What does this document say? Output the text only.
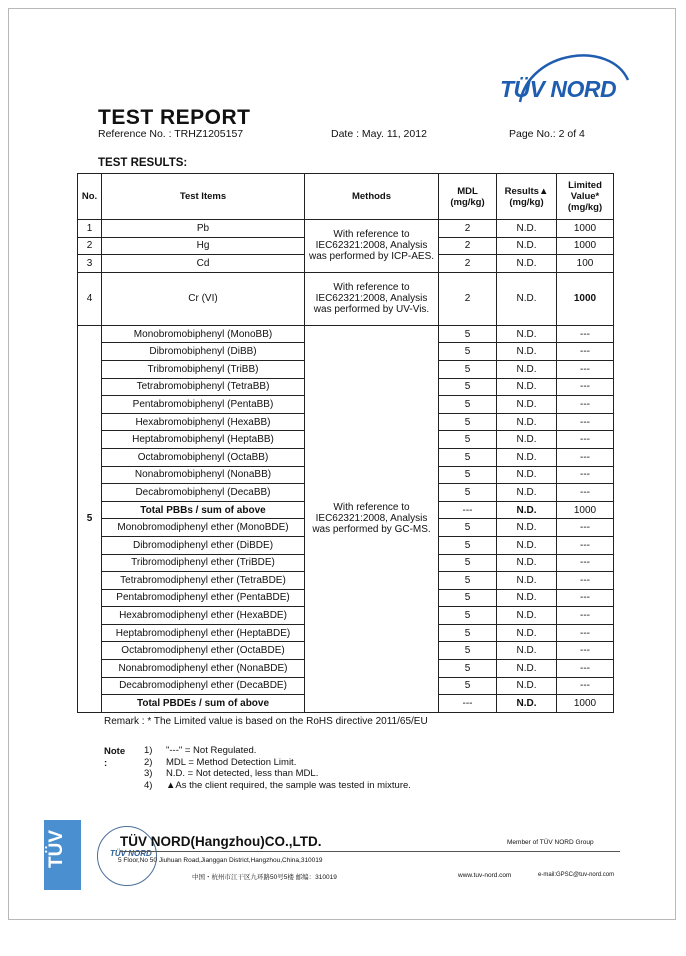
TÜV NORD
TEST REPORT
Reference No. : TRHZ1205157	Date : May. 11, 2012	Page No.: 2 of 4
TEST RESULTS:
No.	Test Items	Methods	MDL (mg/kg)	Results▲ (mg/kg)	Limited Value* (mg/kg)
1	Pb	With reference to IEC62321:2008, Analysis was performed by ICP-AES.	2	N.D.	1000
2	Hg		2	N.D.	1000
3	Cd		2	N.D.	100
4	Cr (VI)	With reference to IEC62321:2008, Analysis was performed by UV-Vis.	2	N.D.	1000
5	Monobromobiphenyl (MonoBB)	With reference to IEC62321:2008, Analysis was performed by GC-MS.	5	N.D.	---
	Dibromobiphenyl (DiBB)		5	N.D.	---
	Tribromobiphenyl (TriBB)		5	N.D.	---
	Tetrabromobiphenyl (TetraBB)		5	N.D.	---
	Pentabromobiphenyl (PentaBB)		5	N.D.	---
	Hexabromobiphenyl (HexaBB)		5	N.D.	---
	Heptabromobiphenyl (HeptaBB)		5	N.D.	---
	Octabromobiphenyl (OctaBB)		5	N.D.	---
	Nonabromobiphenyl (NonaBB)		5	N.D.	---
	Decabromobiphenyl (DecaBB)		5	N.D.	---
	Total PBBs / sum of above		---	N.D.	1000
	Monobromodiphenyl ether (MonoBDE)		5	N.D.	---
	Dibromodiphenyl ether (DiBDE)		5	N.D.	---
	Tribromodiphenyl ether (TriBDE)		5	N.D.	---
	Tetrabromodiphenyl ether (TetraBDE)		5	N.D.	---
	Pentabromodiphenyl ether (PentaBDE)		5	N.D.	---
	Hexabromodiphenyl ether (HexaBDE)		5	N.D.	---
	Heptabromodiphenyl ether (HeptaBDE)		5	N.D.	---
	Octabromodiphenyl ether (OctaBDE)		5	N.D.	---
	Nonabromodiphenyl ether (NonaBDE)		5	N.D.	---
	Decabromodiphenyl ether (DecaBDE)		5	N.D.	---
	Total PBDEs / sum of above		---	N.D.	1000
Remark : * The Limited value is based on the RoHS directive 2011/65/EU
Note :
1) "---" = Not Regulated.
2) MDL = Method Detection Limit.
3) N.D. = Not detected, less than MDL.
4) ▲As the client required, the sample was tested in mixture.
TÜV	TÜV NORD
TÜV NORD(Hangzhou)CO.,LTD.	Member of TÜV NORD Group
5 Floor,No 50 Jiuhuan Road,Jianggan District,Hangzhou,China,310019
中国・杭州市江干区九环路50号5楼 邮编：310019	www.tuv-nord.com	e-mail:GPSC@tuv-nord.com
